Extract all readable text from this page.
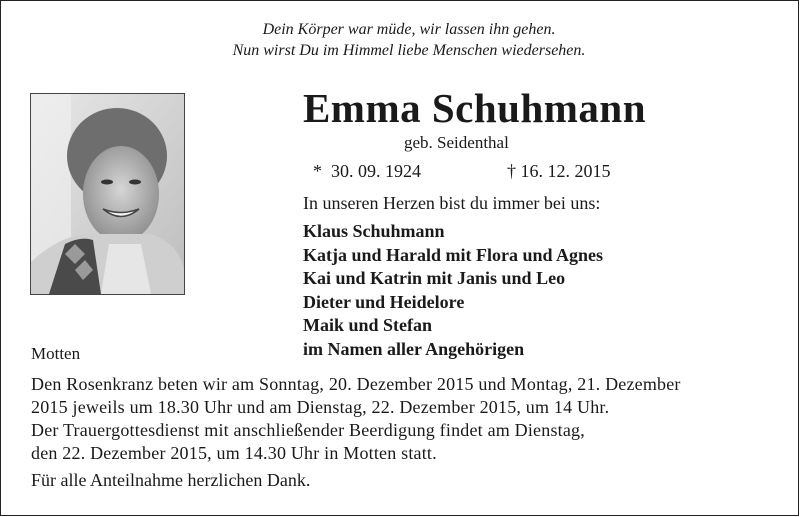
Dein Körper war müde, wir lassen ihn gehen.
Nun wirst Du im Himmel liebe Menschen wiedersehen.
Emma Schuhmann
geb. Seidenthal
* 30. 09. 1924	† 16. 12. 2015
In unseren Herzen bist du immer bei uns:
Klaus Schuhmann
Katja und Harald mit Flora und Agnes
Kai und Katrin mit Janis und Leo
Dieter und Heidelore
Maik und Stefan
im Namen aller Angehörigen
Motten
Den Rosenkranz beten wir am Sonntag, 20. Dezember 2015 und Montag, 21. Dezember
2015 jeweils um 18.30 Uhr und am Dienstag, 22. Dezember 2015, um 14 Uhr.
Der Trauergottesdienst mit anschließender Beerdigung findet am Dienstag,
den 22. Dezember 2015, um 14.30 Uhr in Motten statt.
Für alle Anteilnahme herzlichen Dank.
